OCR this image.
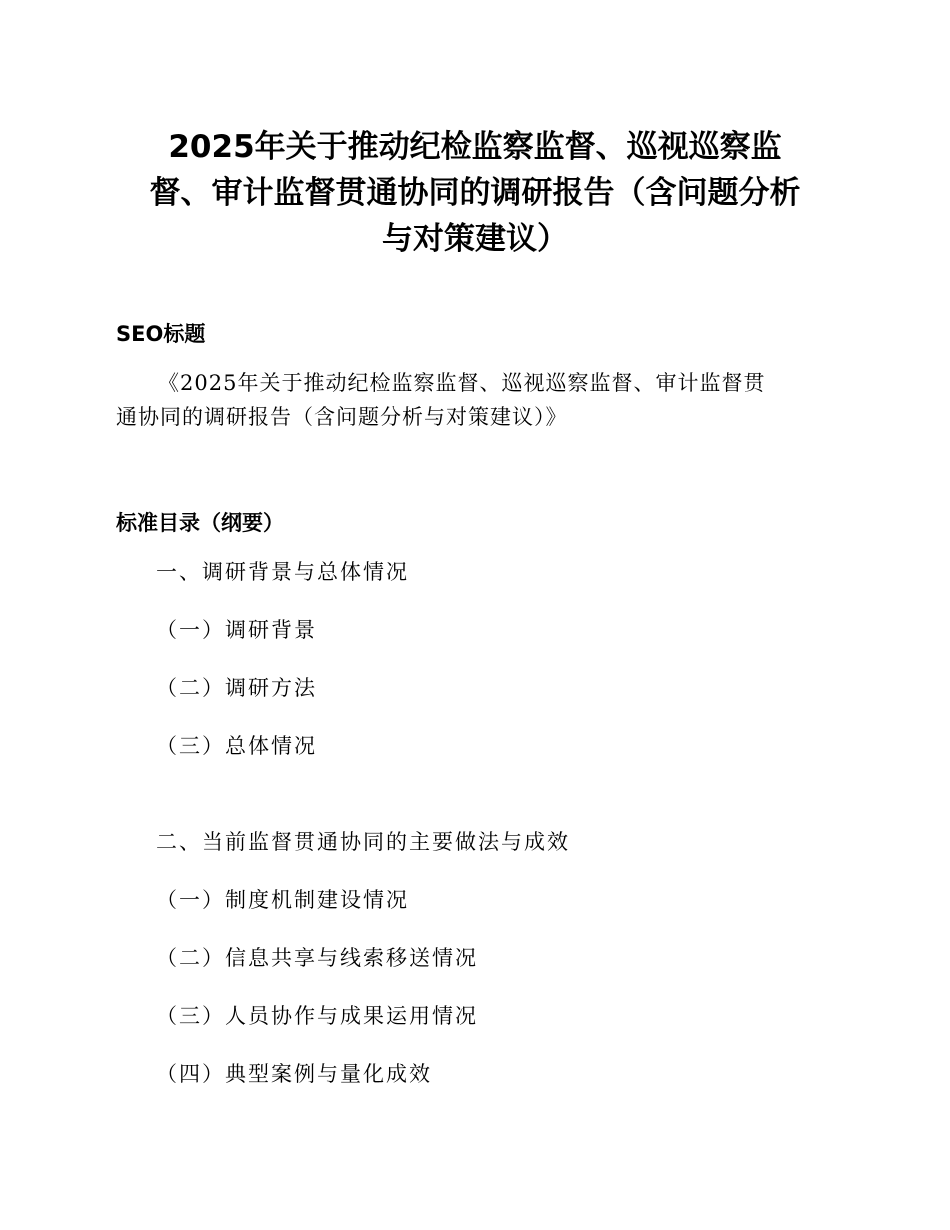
2025年关于推动纪检监察监督、巡视巡察监
督、审计监督贯通协同的调研报告（含问题分析
与对策建议）
SEO标题

《2025年关于推动纪检监察监督、巡视巡察监督、审计监督贯
通协同的调研报告（含问题分析与对策建议）》

标准目录（纲要）

一、调研背景与总体情况

（一）调研背景

（二）调研方法

（三）总体情况

二、当前监督贯通协同的主要做法与成效

（一）制度机制建设情况

（二）信息共享与线索移送情况

（三）人员协作与成果运用情况

（四）典型案例与量化成效
